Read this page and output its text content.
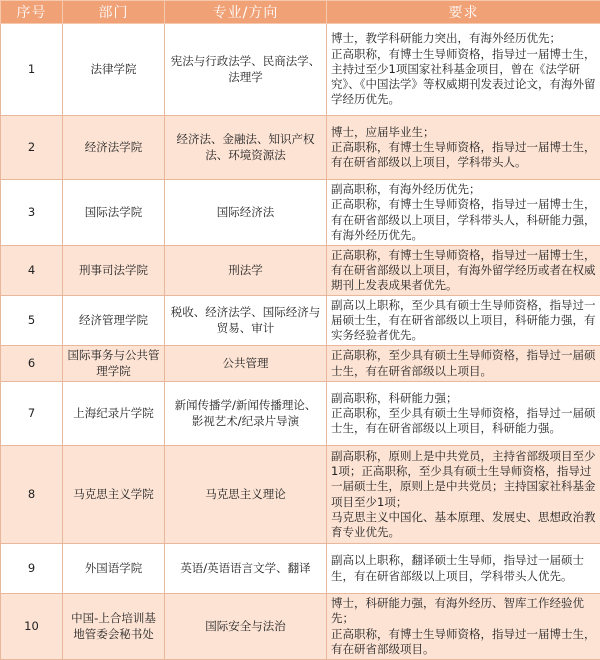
序号	部门	专业/方向	要求
1	法律学院	宪法与行政法学、民商法学、法理学	博士，教学科研能力突出，有海外经历优先；
正高职称，有博士生导师资格，指导过一届博士生，主持过至少1项国家社科基金项目，曾在《法学研究》、《中国法学》等权威期刊发表过论文，有海外留学经历优先。

2	经济法学院	经济法、金融法、知识产权法、环境资源法	博士，应届毕业生；
正高职称，有博士生导师资格，指导过一届博士生，有在研省部级以上项目，学科带头人。

3	国际法学院	国际经济法	副高职称，有海外经历优先；
正高职称，有博士生导师资格，指导过一届博士生，有在研省部级以上项目，学科带头人，科研能力强，有海外经历优先。

4	刑事司法学院	刑法学	正高职称，有博士生导师资格，指导过一届博士生，有在研省部级以上项目，有海外留学经历或者在权威期刊上发表成果者优先。

5	经济管理学院	税收、经济法学、国际经济与贸易、审计	副高以上职称，至少具有硕士生导师资格，指导过一届硕士生，有在研省部级以上项目，科研能力强，有实务经验者优先。

6	国际事务与公共管理学院	公共管理	正高职称，至少具有硕士生导师资格，指导过一届硕士生，有在研省部级以上项目。

7	上海纪录片学院	新闻传播学/新闻传播理论、影视艺术/纪录片导演	副高职称，科研能力强；
正高职称，至少具有硕士生导师资格，指导过一届硕士生，有在研省部级以上项目，科研能力强。

8	马克思主义学院	马克思主义理论	副高职称，原则上是中共党员，主持省部级项目至少1项；正高职称，至少具有硕士生导师资格，指导过一届硕士生，原则上是中共党员；主持国家社科基金项目至少1项；
马克思主义中国化、基本原理、发展史、思想政治教育专业优先。

9	外国语学院	英语/英语语言文学、翻译	副高以上职称，翻译硕士生导师，指导过一届硕士生，有在研省部级以上项目，学科带头人优先。

10	中国-上合培训基地管委会秘书处	国际安全与法治	博士，科研能力强，有海外经历、智库工作经验优先；
正高职称，有博士生导师资格，指导过一届博士生，有在研省部级项目。
